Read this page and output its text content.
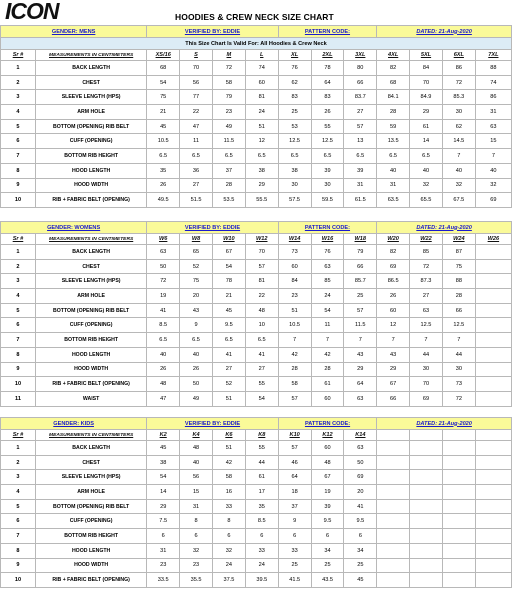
ICON	HOODIES & CREW NECK SIZE CHART
GENDER: MENS		VERIFIED BY: EDDIE				PATTERN CODE:			DATED: 21-Aug-2020			
This Size Chart Is Valid For: All Hoodies & Crew Neck												
Sr #	MEASUREMENTS IN CENTIMETERS	XS/16	S	M	L	XL	2XL	3XL	4XL	5XL	6XL	7XL
1	BACK LENGTH	68	70	72	74	76	78	80	82	84	86	88
2	CHEST	54	56	58	60	62	64	66	68	70	72	74
3	SLEEVE LENGTH (HPS)	75	77	79	81	83	83	83.7	84.1	84.9	85.3	86
4	ARM HOLE	21	22	23	24	25	26	27	28	29	30	31
5	BOTTOM (OPENING) RIB BELT	45	47	49	51	53	55	57	59	61	62	63
6	CUFF (OPENING)	10.5	11	11.5	12	12.5	12.5	13	13.5	14	14.5	15
7	BOTTOM RIB HEIGHT	6.5	6.5	6.5	6.5	6.5	6.5	6.5	6.5	6.5	7	7
8	HOOD LENGTH	35	36	37	38	38	39	39	40	40	40	40
9	HOOD WIDTH	26	27	28	29	30	30	31	31	32	32	32
10	RIB + FABRIC BELT (OPENING)	49.5	51.5	53.5	55.5	57.5	59.5	61.5	63.5	65.5	67.5	69
GENDER: WOMENS		VERIFIED BY: EDDIE				PATTERN CODE:			DATED: 21-Aug-2020			
Sr #	MEASUREMENTS IN CENTIMETERS	W6	W8	W10	W12	W14	W16	W18	W20	W22	W24	W26
1	BACK LENGTH	63	65	67	70	73	76	79	82	85	87	
2	CHEST	50	52	54	57	60	63	66	69	72	75	
3	SLEEVE LENGTH (HPS)	72	75	78	81	84	85	85.7	86.5	87.3	88	
4	ARM HOLE	19	20	21	22	23	24	25	26	27	28	
5	BOTTOM (OPENING) RIB BELT	41	43	45	48	51	54	57	60	63	66	
6	CUFF (OPENING)	8.5	9	9.5	10	10.5	11	11.5	12	12.5	12.5	
7	BOTTOM RIB HEIGHT	6.5	6.5	6.5	6.5	7	7	7	7	7	7	
8	HOOD LENGTH	40	40	41	41	42	42	43	43	44	44	
9	HOOD WIDTH	26	26	27	27	28	28	29	29	30	30	
10	RIB + FABRIC BELT (OPENING)	48	50	52	55	58	61	64	67	70	73	
11	WAIST	47	49	51	54	57	60	63	66	69	72	
GENDER: KIDS		VERIFIED BY: EDDIE				PATTERN CODE:			DATED: 21-Aug-2020			
Sr #	MEASUREMENTS IN CENTIMETERS	K2	K4	K6	K8	K10	K12	K14				
1	BACK LENGTH	45	48	51	55	57	60	63				
2	CHEST	38	40	42	44	46	48	50				
3	SLEEVE LENGTH (HPS)	54	56	58	61	64	67	69				
4	ARM HOLE	14	15	16	17	18	19	20				
5	BOTTOM (OPENING) RIB BELT	29	31	33	35	37	39	41				
6	CUFF (OPENING)	7.5	8	8	8.5	9	9.5	9.5				
7	BOTTOM RIB HEIGHT	6	6	6	6	6	6	6				
8	HOOD LENGTH	31	32	32	33	33	34	34				
9	HOOD WIDTH	23	23	24	24	25	25	25				
10	RIB + FABRIC BELT (OPENING)	33.5	35.5	37.5	39.5	41.5	43.5	45				
